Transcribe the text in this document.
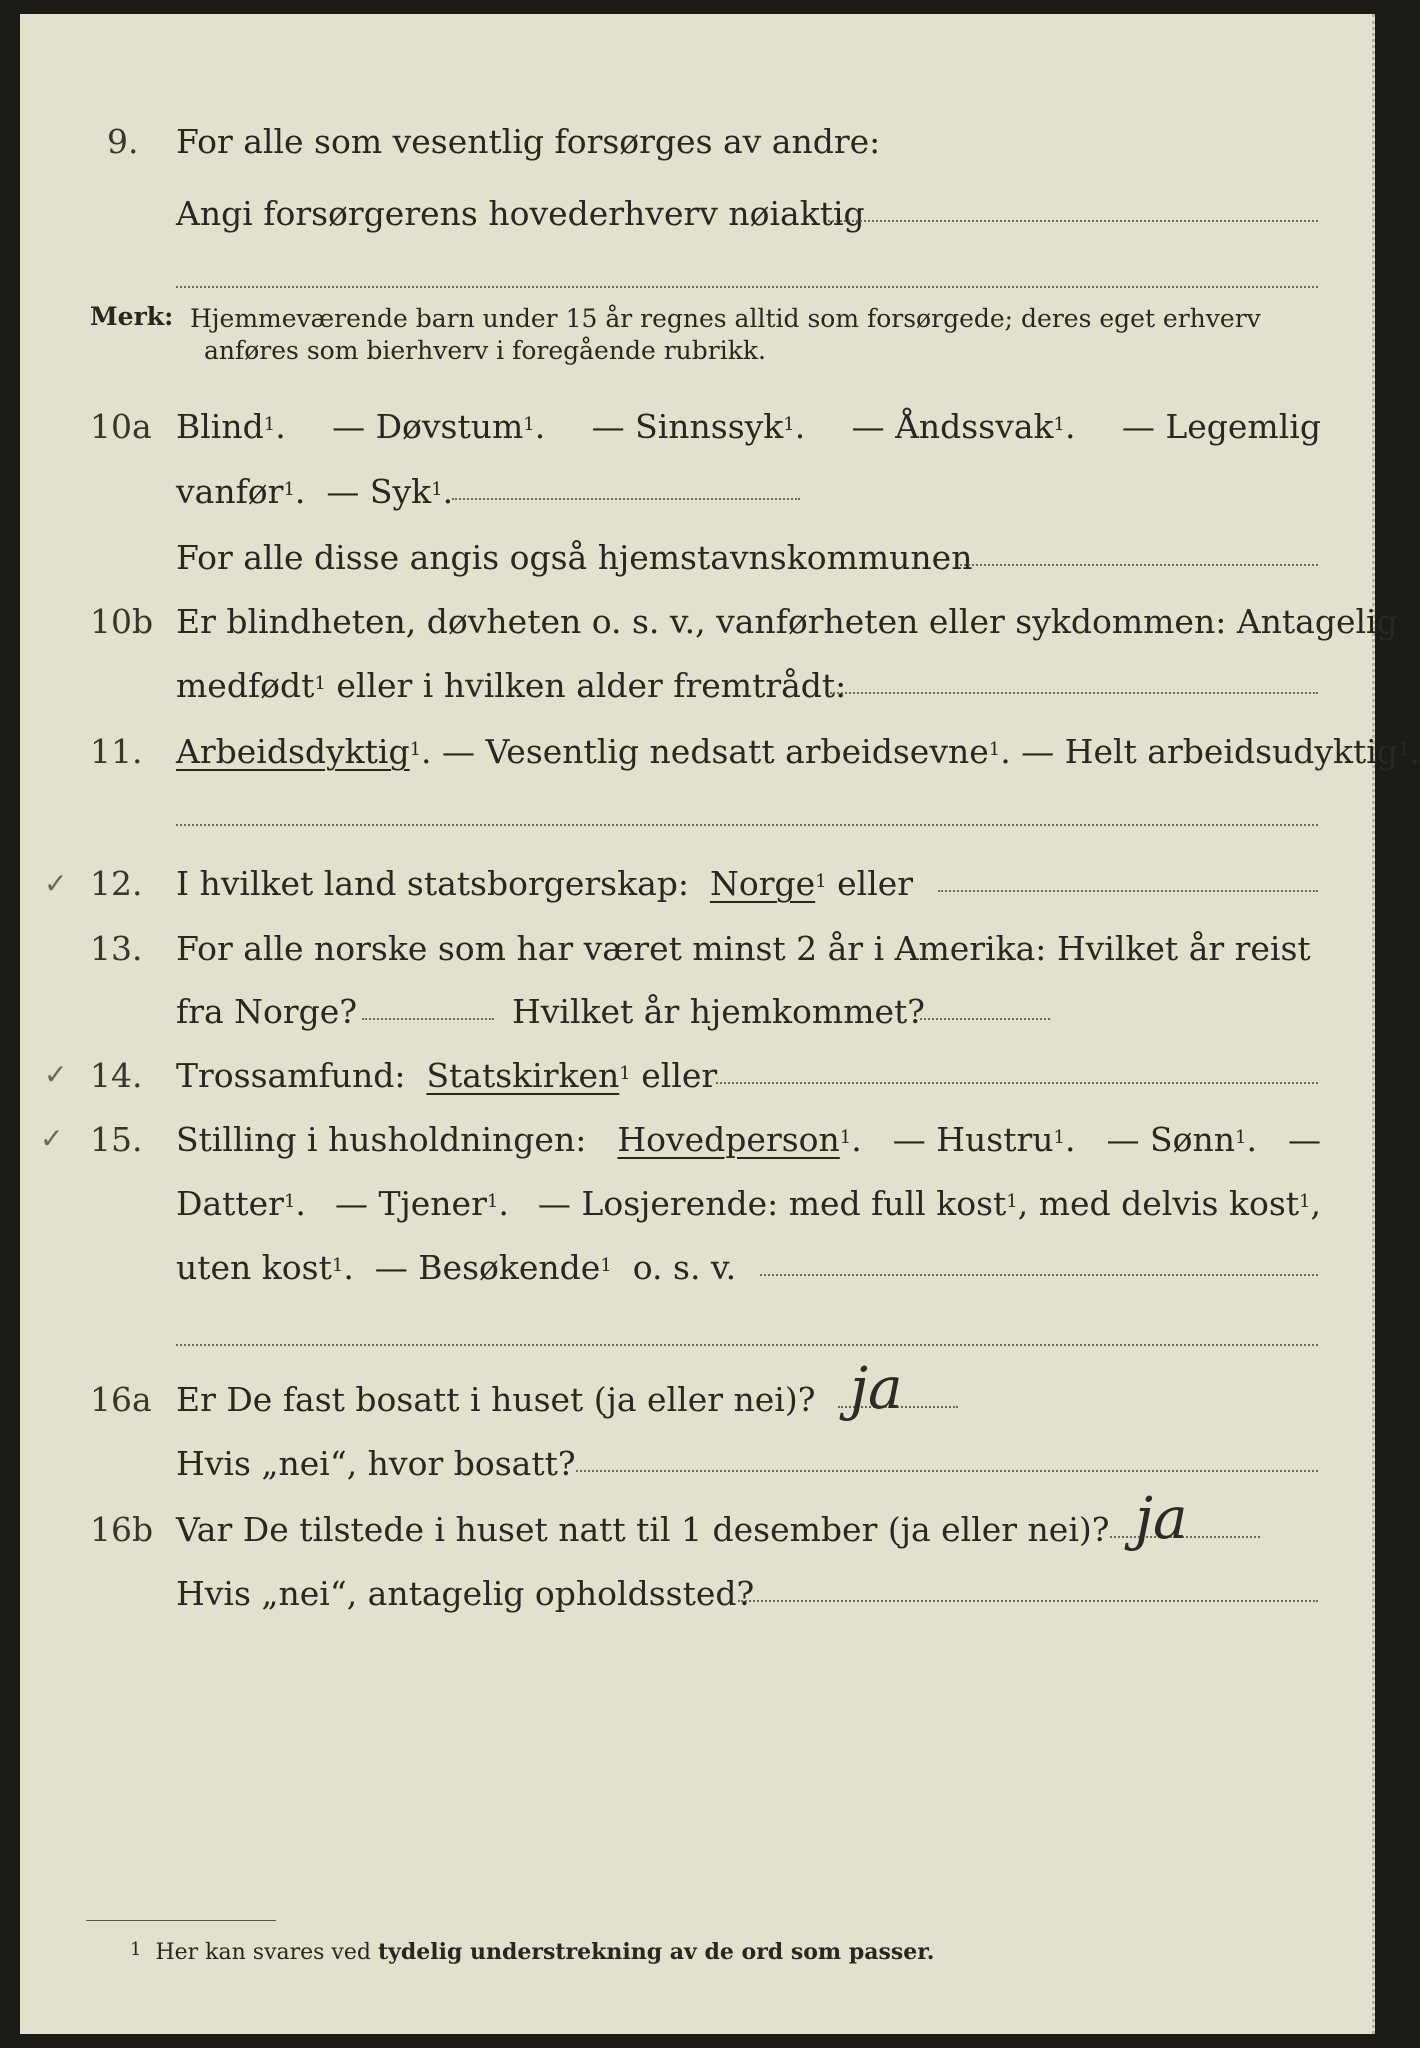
9. For alle som vesentlig forsørges av andre:
Angi forsørgerens hovederhverv nøiaktig
Merk: Hjemmeværende barn under 15 år regnes alltid som forsørgede; deres eget erhverv
anføres som bierhverv i foregående rubrikk.
10a Blind$^1$. — Døvstum$^1$. — Sinnssyk$^1$. — Åndssvak$^1$. — Legemlig
vanfør$^1$.  — Syk$^1$.
For alle disse angis også hjemstavnskommunen
10b Er blindheten, døvheten o. s. v., vanførheten eller sykdommen: Antagelig
medfødt$^1$ eller i hvilken alder fremtrådt:
11. Arbeidsdyktig$^1$. — Vesentlig nedsatt arbeidsevne$^1$. — Helt arbeidsudyktig$^1$.
✓ 12. I hvilket land statsborgerskap: Norge$^1$ eller
13. For alle norske som har været minst 2 år i Amerika: Hvilket år reist
fra Norge?	Hvilket år hjemkommet?
✓ 14. Trossamfund: Statskirken$^1$ eller
✓ 15. Stilling i husholdningen: Hovedperson$^1$. — Hustru$^1$. — Sønn$^1$. —
Datter$^1$. — Tjener$^1$. — Losjerende: med full kost$^1$, med delvis kost$^1$,
uten kost$^1$.  — Besøkende$^1$ o. s. v.
16a Er De fast bosatt i huset (ja eller nei)? ja
Hvis „nei“, hvor bosatt?
16b Var De tilstede i huset natt til 1 desember (ja eller nei)? ja
Hvis „nei“, antagelig opholdssted?
$^1$ Her kan svares ved tydelig understrekning av de ord som passer.
